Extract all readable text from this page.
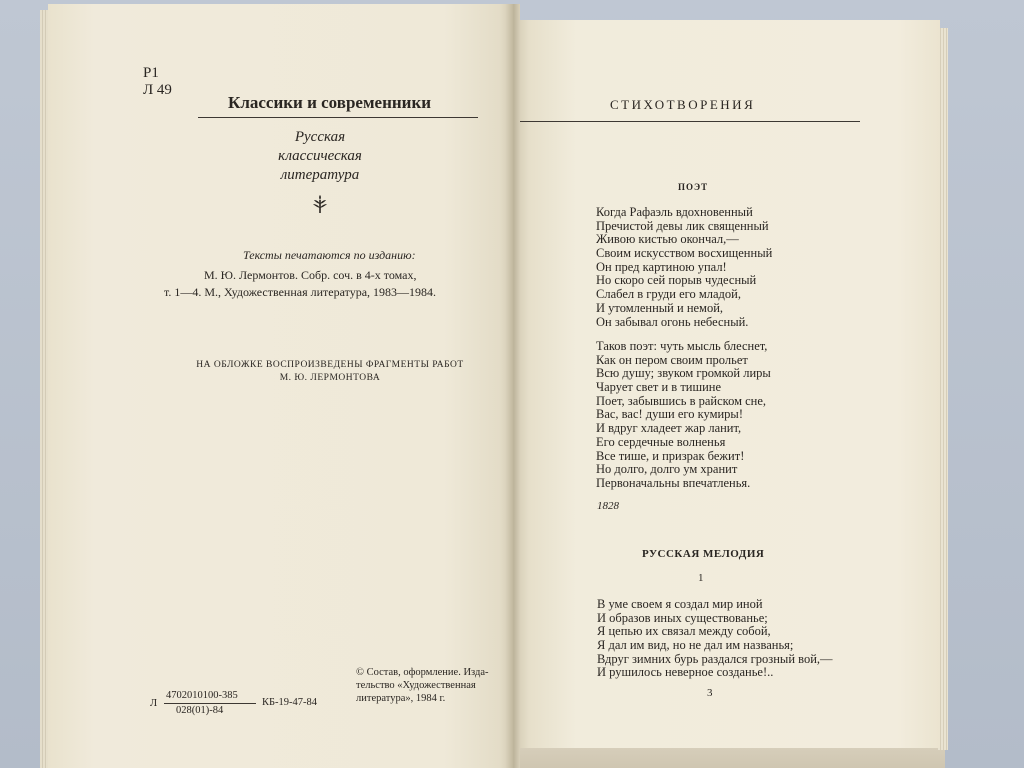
Р1
Л 49
Классики и современники
Русская
классическая
литература
Тексты печатаются по изданию:
М. Ю. Лермонтов. Собр. соч. в 4-х томах,
т. 1—4. М., Художественная литература, 1983—1984.
НА ОБЛОЖКЕ ВОСПРОИЗВЕДЕНЫ ФРАГМЕНТЫ РАБОТ
М. Ю. ЛЕРМОНТОВА
Л
4702010100-385
028(01)-84
КБ-19-47-84
© Состав, оформление. Изда-
тельство «Художественная
литература», 1984 г.
СТИХОТВОРЕНИЯ
ПОЭТ
Когда Рафаэль вдохновенный
Пречистой девы лик священный
Живою кистью окончал,—
Своим искусством восхищенный
Он пред картиною упал!
Но скоро сей порыв чудесный
Слабел в груди его младой,
И утомленный и немой,
Он забывал огонь небесный.
Таков поэт: чуть мысль блеснет,
Как он пером своим прольет
Всю душу; звуком громкой лиры
Чарует свет и в тишине
Поет, забывшись в райском сне,
Вас, вас! души его кумиры!
И вдруг хладеет жар ланит,
Его сердечные волненья
Все тише, и призрак бежит!
Но долго, долго ум хранит
Первоначальны впечатленья.
1828
РУССКАЯ МЕЛОДИЯ
1
В уме своем я создал мир иной
И образов иных существованье;
Я цепью их связал между собой,
Я дал им вид, но не дал им названья;
Вдруг зимних бурь раздался грозный вой,—
И рушилось неверное созданье!..
3
